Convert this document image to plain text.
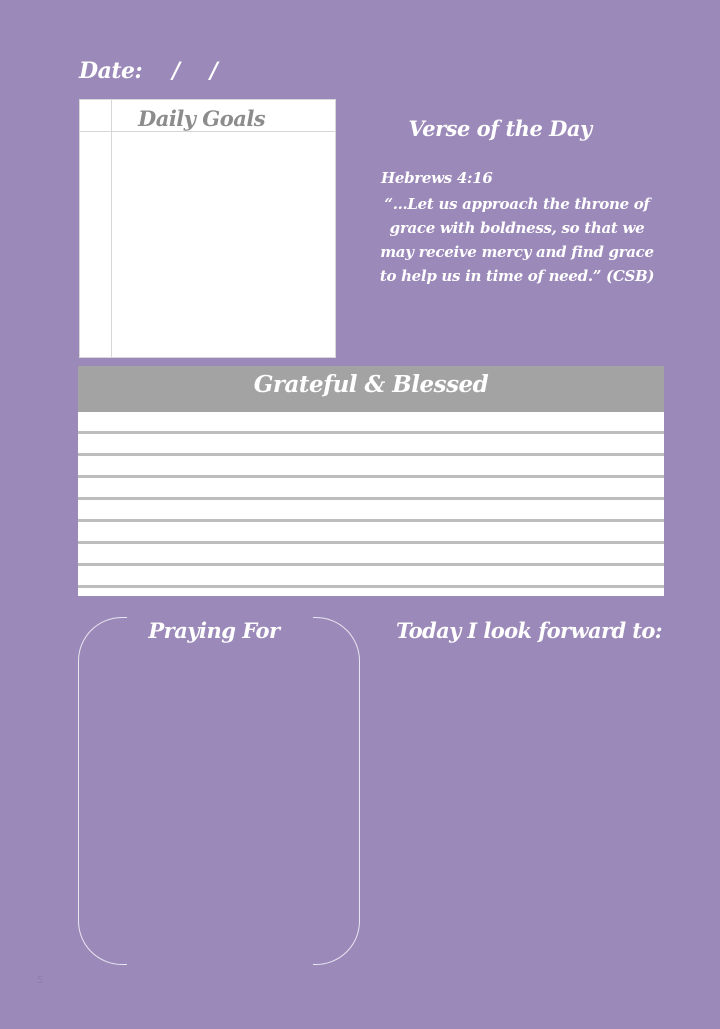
Date: / /
Daily Goals	Verse of the Day
Hebrews 4:16
“…Let us approach the throne of grace with boldness, so that we may receive mercy and find grace to help us in time of need.” (CSB)
Grateful & Blessed
Praying For	Today I look forward to:
5
